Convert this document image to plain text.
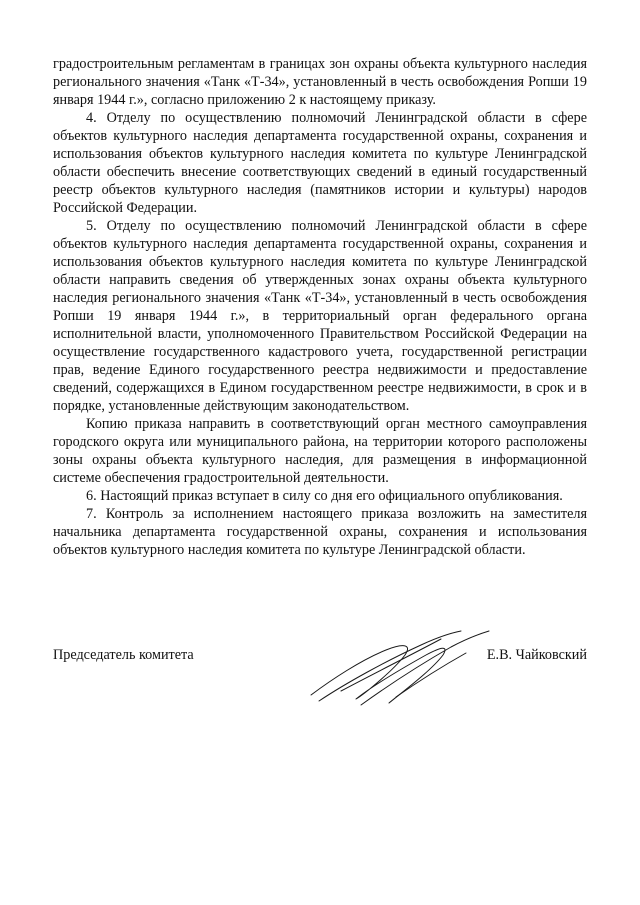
градостроительным регламентам в границах зон охраны объекта культурного наследия регионального значения «Танк «Т-34», установленный в честь освобождения Ропши 19 января 1944 г.», согласно приложению 2 к настоящему приказу.

4. Отделу по осуществлению полномочий Ленинградской области в сфере объектов культурного наследия департамента государственной охраны, сохранения и использования объектов культурного наследия комитета по культуре Ленинградской области обеспечить внесение соответствующих сведений в единый государственный реестр объектов культурного наследия (памятников истории и культуры) народов Российской Федерации.

5. Отделу по осуществлению полномочий Ленинградской области в сфере объектов культурного наследия департамента государственной охраны, сохранения и использования объектов культурного наследия комитета по культуре Ленинградской области направить сведения об утвержденных зонах охраны объекта культурного наследия регионального значения «Танк «Т-34», установленный в честь освобождения Ропши 19 января 1944 г.», в территориальный орган федерального органа исполнительной власти, уполномоченного Правительством Российской Федерации на осуществление государственного кадастрового учета, государственной регистрации прав, ведение Единого государственного реестра недвижимости и предоставление сведений, содержащихся в Едином государственном реестре недвижимости, в срок и в порядке, установленные действующим законодательством.

Копию приказа направить в соответствующий орган местного самоуправления городского округа или муниципального района, на территории которого расположены зоны охраны объекта культурного наследия, для размещения в информационной системе обеспечения градостроительной деятельности.

6. Настоящий приказ вступает в силу со дня его официального опубликования.

7. Контроль за исполнением настоящего приказа возложить на заместителя начальника департамента государственной охраны, сохранения и использования объектов культурного наследия комитета по культуре Ленинградской области.

Председатель комитета	Е.В. Чайковский
